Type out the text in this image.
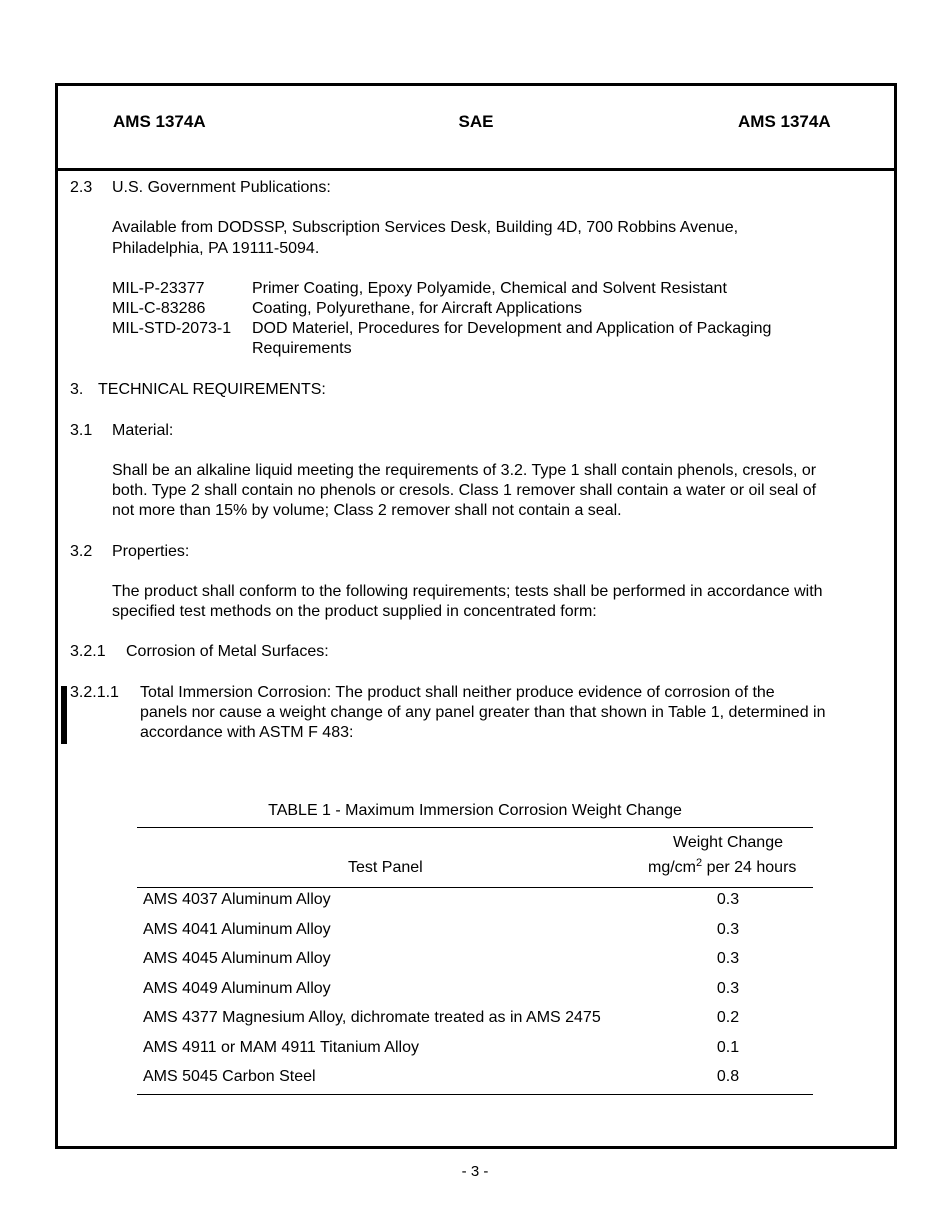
AMS 1374A	SAE	AMS 1374A
2.3 U.S. Government Publications:
Available from DODSSP, Subscription Services Desk, Building 4D, 700 Robbins Avenue,
Philadelphia, PA 19111-5094.
MIL-P-23377	Primer Coating, Epoxy Polyamide, Chemical and Solvent Resistant
MIL-C-83286	Coating, Polyurethane, for Aircraft Applications
MIL-STD-2073-1 DOD Materiel, Procedures for Development and Application of Packaging
Requirements
3. TECHNICAL REQUIREMENTS:
3.1 Material:
Shall be an alkaline liquid meeting the requirements of 3.2. Type 1 shall contain phenols, cresols, or
both. Type 2 shall contain no phenols or cresols. Class 1 remover shall contain a water or oil seal of
not more than 15% by volume; Class 2 remover shall not contain a seal.
3.2 Properties:
The product shall conform to the following requirements; tests shall be performed in accordance with
specified test methods on the product supplied in concentrated form:
3.2.1 Corrosion of Metal Surfaces:
3.2.1.1 Total Immersion Corrosion: The product shall neither produce evidence of corrosion of the
panels nor cause a weight change of any panel greater than that shown in Table 1, determined in
accordance with ASTM F 483:
TABLE 1 - Maximum Immersion Corrosion Weight Change
Test Panel
Weight Change
$mg/cm^2$ per 24 hours
AMS 4037 Aluminum Alloy	0.3
AMS 4041 Aluminum Alloy	0.3
AMS 4045 Aluminum Alloy	0.3
AMS 4049 Aluminum Alloy	0.3
AMS 4377 Magnesium Alloy, dichromate treated as in AMS 2475	0.2
AMS 4911 or MAM 4911 Titanium Alloy	0.1
AMS 5045 Carbon Steel	0.8
- 3 -
